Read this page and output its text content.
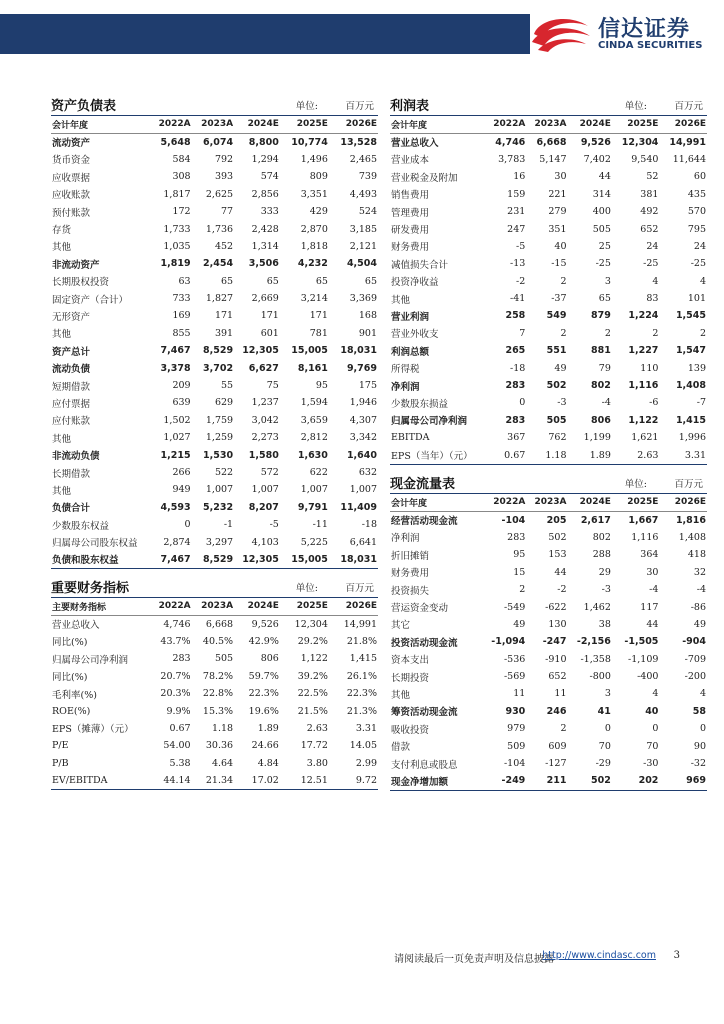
信达证券
CINDA SECURITIES
资产负债表	单位:	百万元
会计年度	2022A	2023A	2024E	2025E	2026E
流动资产	5,648	6,074	8,800	10,774	13,528
货币资金	584	792	1,294	1,496	2,465
应收票据	308	393	574	809	739
应收账款	1,817	2,625	2,856	3,351	4,493
预付账款	172	77	333	429	524
存货	1,733	1,736	2,428	2,870	3,185
其他	1,035	452	1,314	1,818	2,121
非流动资产	1,819	2,454	3,506	4,232	4,504
长期股权投资	63	65	65	65	65
固定资产（合计）	733	1,827	2,669	3,214	3,369
无形资产	169	171	171	171	168
其他	855	391	601	781	901
资产总计	7,467	8,529	12,305	15,005	18,031
流动负债	3,378	3,702	6,627	8,161	9,769
短期借款	209	55	75	95	175
应付票据	639	629	1,237	1,594	1,946
应付账款	1,502	1,759	3,042	3,659	4,307
其他	1,027	1,259	2,273	2,812	3,342
非流动负债	1,215	1,530	1,580	1,630	1,640
长期借款	266	522	572	622	632
其他	949	1,007	1,007	1,007	1,007
负债合计	4,593	5,232	8,207	9,791	11,409
少数股东权益	0	-1	-5	-11	-18
归属母公司股东权益	2,874	3,297	4,103	5,225	6,641
负债和股东权益	7,467	8,529	12,305	15,005	18,031
重要财务指标	单位:	百万元
主要财务指标	2022A	2023A	2024E	2025E	2026E
营业总收入	4,746	6,668	9,526	12,304	14,991
同比(%)	43.7%	40.5%	42.9%	29.2%	21.8%
归属母公司净利润	283	505	806	1,122	1,415
同比(%)	20.7%	78.2%	59.7%	39.2%	26.1%
毛利率(%)	20.3%	22.8%	22.3%	22.5%	22.3%
ROE(%)	9.9%	15.3%	19.6%	21.5%	21.3%
EPS（摊薄）（元）	0.67	1.18	1.89	2.63	3.31
P/E	54.00	30.36	24.66	17.72	14.05
P/B	5.38	4.64	4.84	3.80	2.99
EV/EBITDA	44.14	21.34	17.02	12.51	9.72
利润表	单位:	百万元
会计年度	2022A	2023A	2024E	2025E	2026E
营业总收入	4,746	6,668	9,526	12,304	14,991
营业成本	3,783	5,147	7,402	9,540	11,644
营业税金及附加	16	30	44	52	60
销售费用	159	221	314	381	435
管理费用	231	279	400	492	570
研发费用	247	351	505	652	795
财务费用	-5	40	25	24	24
减值损失合计	-13	-15	-25	-25	-25
投资净收益	-2	2	3	4	4
其他	-41	-37	65	83	101
营业利润	258	549	879	1,224	1,545
营业外收支	7	2	2	2	2
利润总额	265	551	881	1,227	1,547
所得税	-18	49	79	110	139
净利润	283	502	802	1,116	1,408
少数股东损益	0	-3	-4	-6	-7
归属母公司净利润	283	505	806	1,122	1,415
EBITDA	367	762	1,199	1,621	1,996
EPS（当年）（元）	0.67	1.18	1.89	2.63	3.31
现金流量表	单位:	百万元
会计年度	2022A	2023A	2024E	2025E	2026E
经营活动现金流	-104	205	2,617	1,667	1,816
净利润	283	502	802	1,116	1,408
折旧摊销	95	153	288	364	418
财务费用	15	44	29	30	32
投资损失	2	-2	-3	-4	-4
营运资金变动	-549	-622	1,462	117	-86
其它	49	130	38	44	49
投资活动现金流	-1,094	-247	-2,156	-1,505	-904
资本支出	-536	-910	-1,358	-1,109	-709
长期投资	-569	652	-800	-400	-200
其他	11	11	3	4	4
筹资活动现金流	930	246	41	40	58
吸收投资	979	2	0	0	0
借款	509	609	70	70	90
支付利息或股息	-104	-127	-29	-30	-32
现金净增加额	-249	211	502	202	969
请阅读最后一页免责声明及信息披露
http://www.cindasc.com 3
